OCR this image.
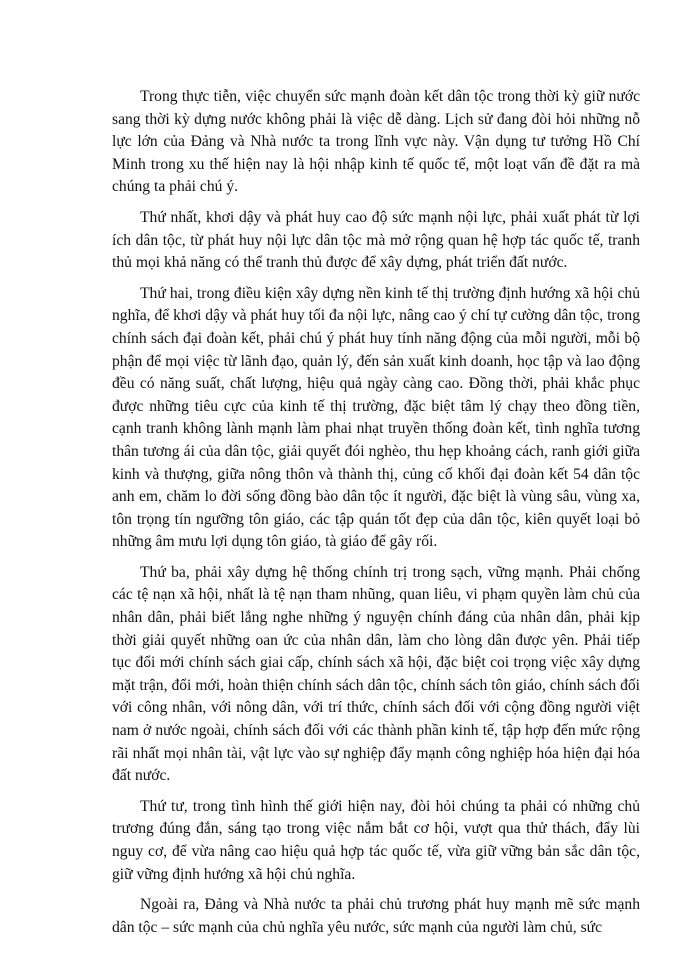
Trong thực tiễn, việc chuyển sức mạnh đoàn kết dân tộc trong thời kỳ giữ nước sang thời kỳ dựng nước không phải là việc dễ dàng. Lịch sử đang đòi hỏi những nỗ lực lớn của Đảng và Nhà nước ta trong lĩnh vực này. Vận dụng tư tưởng Hồ Chí Minh trong xu thế hiện nay là hội nhập kinh tế quốc tế, một loạt vấn đề đặt ra mà chúng ta phải chú ý.

Thứ nhất, khơi dậy và phát huy cao độ sức mạnh nội lực, phải xuất phát từ lợi ích dân tộc, từ phát huy nội lực dân tộc mà mở rộng quan hệ hợp tác quốc tế, tranh thủ mọi khả năng có thể tranh thủ được để xây dựng, phát triển đất nước.

Thứ hai, trong điều kiện xây dựng nền kinh tế thị trường định hướng xã hội chủ nghĩa, để khơi dậy và phát huy tối đa nội lực, nâng cao ý chí tự cường dân tộc, trong chính sách đại đoàn kết, phải chú ý phát huy tính năng động của mỗi người, mỗi bộ phận để mọi việc từ lãnh đạo, quản lý, đến sản xuất kinh doanh, học tập và lao động đều có năng suất, chất lượng, hiệu quả ngày càng cao. Đồng thời, phải khắc phục được những tiêu cực của kinh tế thị trường, đặc biệt tâm lý chạy theo đồng tiền, cạnh tranh không lành mạnh làm phai nhạt truyền thống đoàn kết, tình nghĩa tương thân tương ái của dân tộc, giải quyết đói nghèo, thu hẹp khoảng cách, ranh giới giữa kinh và thượng, giữa nông thôn và thành thị, củng cố khối đại đoàn kết 54 dân tộc anh em, chăm lo đời sống đồng bào dân tộc ít người, đặc biệt là vùng sâu, vùng xa, tôn trọng tín ngưỡng tôn giáo, các tập quán tốt đẹp của dân tộc, kiên quyết loại bỏ những âm mưu lợi dụng tôn giáo, tà giáo để gây rối.

Thứ ba, phải xây dựng hệ thống chính trị trong sạch, vững mạnh. Phải chống các tệ nạn xã hội, nhất là tệ nạn tham nhũng, quan liêu, vi phạm quyền làm chủ của nhân dân, phải biết lắng nghe những ý nguyện chính đáng của nhân dân, phải kịp thời giải quyết những oan ức của nhân dân, làm cho lòng dân được yên. Phải tiếp tục đổi mới chính sách giai cấp, chính sách xã hội, đặc biệt coi trọng việc xây dựng mặt trận, đổi mới, hoàn thiện chính sách dân tộc, chính sách tôn giáo, chính sách đối với công nhân, với nông dân, với trí thức, chính sách đối với cộng đồng người việt nam ở nước ngoài, chính sách đối với các thành phần kinh tế, tập hợp đến mức rộng rãi nhất mọi nhân tài, vật lực vào sự nghiệp đẩy mạnh công nghiệp hóa hiện đại hóa đất nước.

Thứ tư, trong tình hình thế giới hiện nay, đòi hỏi chúng ta phải có những chủ trương đúng đắn, sáng tạo trong việc nắm bắt cơ hội, vượt qua thử thách, đẩy lùi nguy cơ, để vừa nâng cao hiệu quả hợp tác quốc tế, vừa giữ vững bản sắc dân tộc, giữ vững định hướng xã hội chủ nghĩa.

Ngoài ra, Đảng và Nhà nước ta phải chủ trương phát huy mạnh mẽ sức mạnh dân tộc – sức mạnh của chủ nghĩa yêu nước, sức mạnh của người làm chủ, sức
